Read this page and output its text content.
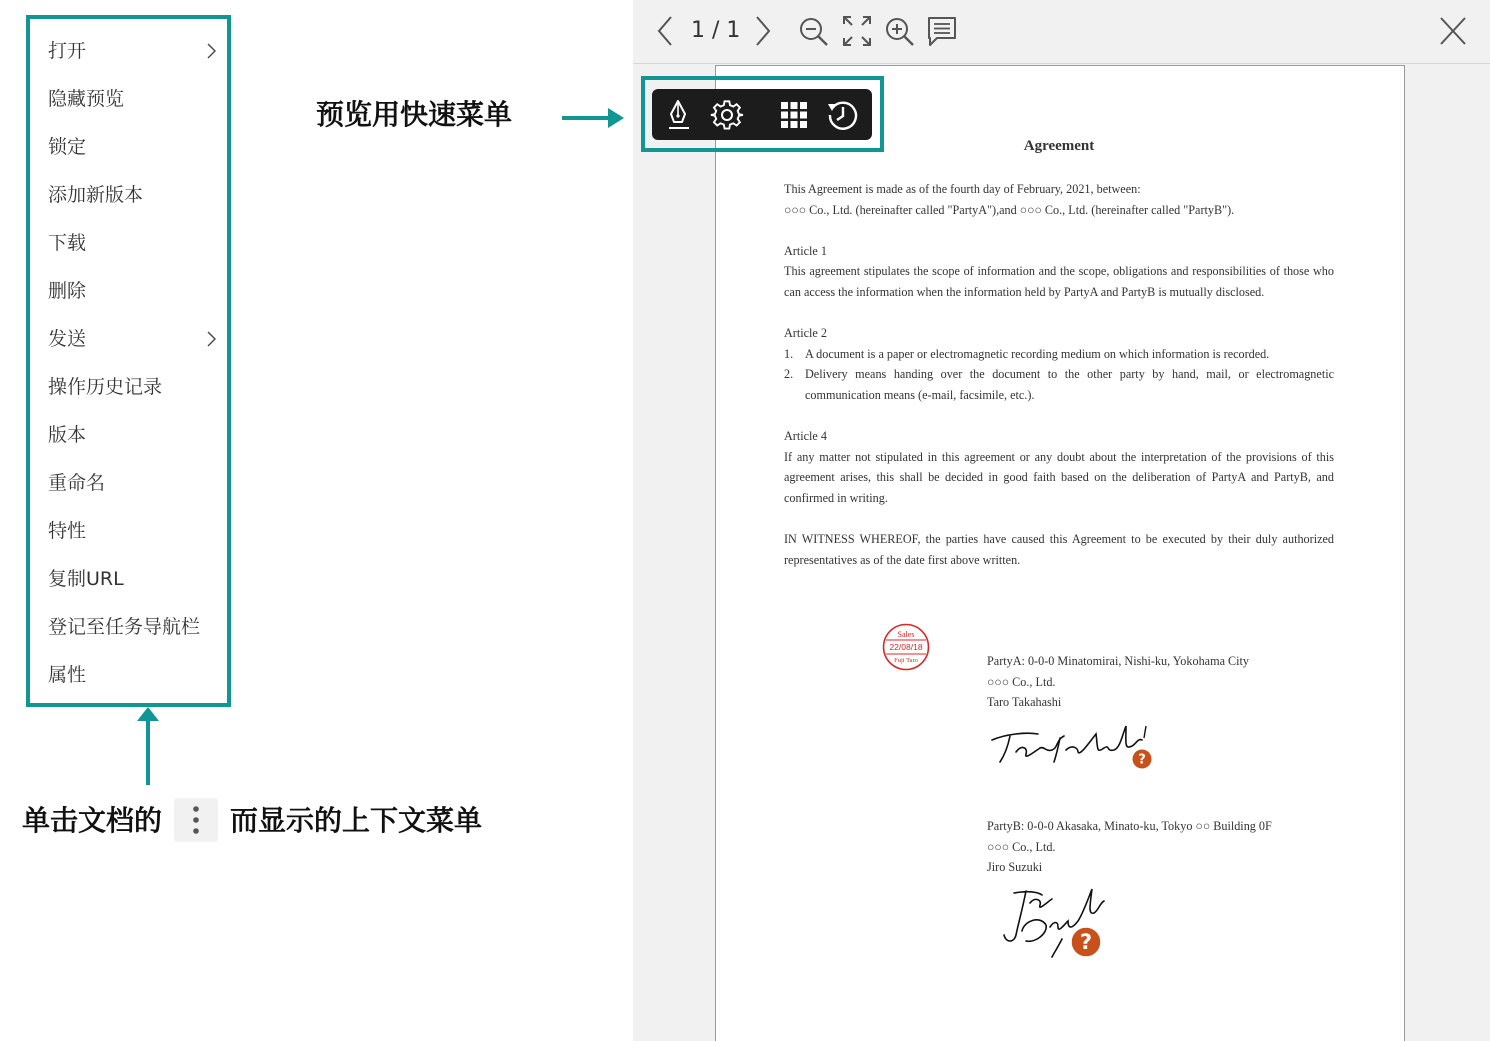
打开
隐藏预览
锁定
添加新版本
下载
删除
发送
操作历史记录
版本
重命名
特性
复制URL
登记至任务导航栏
属性
单击文档的 而显示的上下文菜单
预览用快速菜单
1 / 1
Agreement
This Agreement is made as of the fourth day of February, 2021, between:
○○○ Co., Ltd. (hereinafter called "PartyA"),and ○○○ Co., Ltd. (hereinafter called "PartyB").
Article 1
This agreement stipulates the scope of information and the scope, obligations and responsibilities of those who can access the information when the information held by PartyA and PartyB is mutually disclosed.
Article 2
1. A document is a paper or electromagnetic recording medium on which information is recorded.
2. Delivery means handing over the document to the other party by hand, mail, or electromagnetic communication means (e-mail, facsimile, etc.).
Article 4
If any matter not stipulated in this agreement or any doubt about the interpretation of the provisions of this agreement arises, this shall be decided in good faith based on the deliberation of PartyA and PartyB, and confirmed in writing.
IN WITNESS WHEREOF, the parties have caused this Agreement to be executed by their duly authorized representatives as of the date first above written.
Sales
22/08/18
Fuji Taro	PartyA: 0-0-0 Minatomirai, Nishi-ku, Yokohama City
○○○ Co., Ltd.
Taro Takahashi
?
PartyB: 0-0-0 Akasaka, Minato-ku, Tokyo ○○ Building 0F
○○○ Co., Ltd.
Jiro Suzuki
?
